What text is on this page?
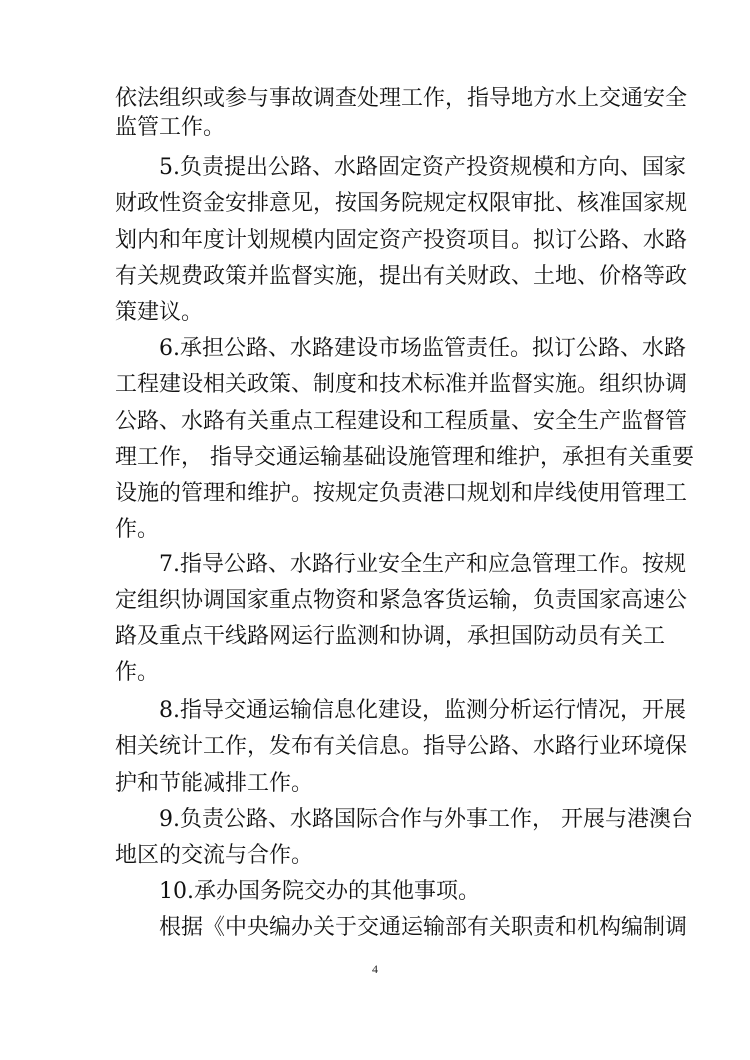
依法组织或参与事故调查处理工作，指导地方水上交通安全
监管工作。
5.负责提出公路、水路固定资产投资规模和方向、国家
财政性资金安排意见，按国务院规定权限审批、核准国家规
划内和年度计划规模内固定资产投资项目。拟订公路、水路
有关规费政策并监督实施，提出有关财政、土地、价格等政
策建议。
6.承担公路、水路建设市场监管责任。拟订公路、水路
工程建设相关政策、制度和技术标准并监督实施。组织协调
公路、水路有关重点工程建设和工程质量、安全生产监督管
理工作， 指导交通运输基础设施管理和维护，承担有关重要
设施的管理和维护。按规定负责港口规划和岸线使用管理工
作。
7.指导公路、水路行业安全生产和应急管理工作。按规
定组织协调国家重点物资和紧急客货运输，负责国家高速公
路及重点干线路网运行监测和协调，承担国防动员有关工
作。
8.指导交通运输信息化建设，监测分析运行情况，开展
相关统计工作，发布有关信息。指导公路、水路行业环境保
护和节能减排工作。
9.负责公路、水路国际合作与外事工作， 开展与港澳台
地区的交流与合作。
10.承办国务院交办的其他事项。
根据《中央编办关于交通运输部有关职责和机构编制调
4
